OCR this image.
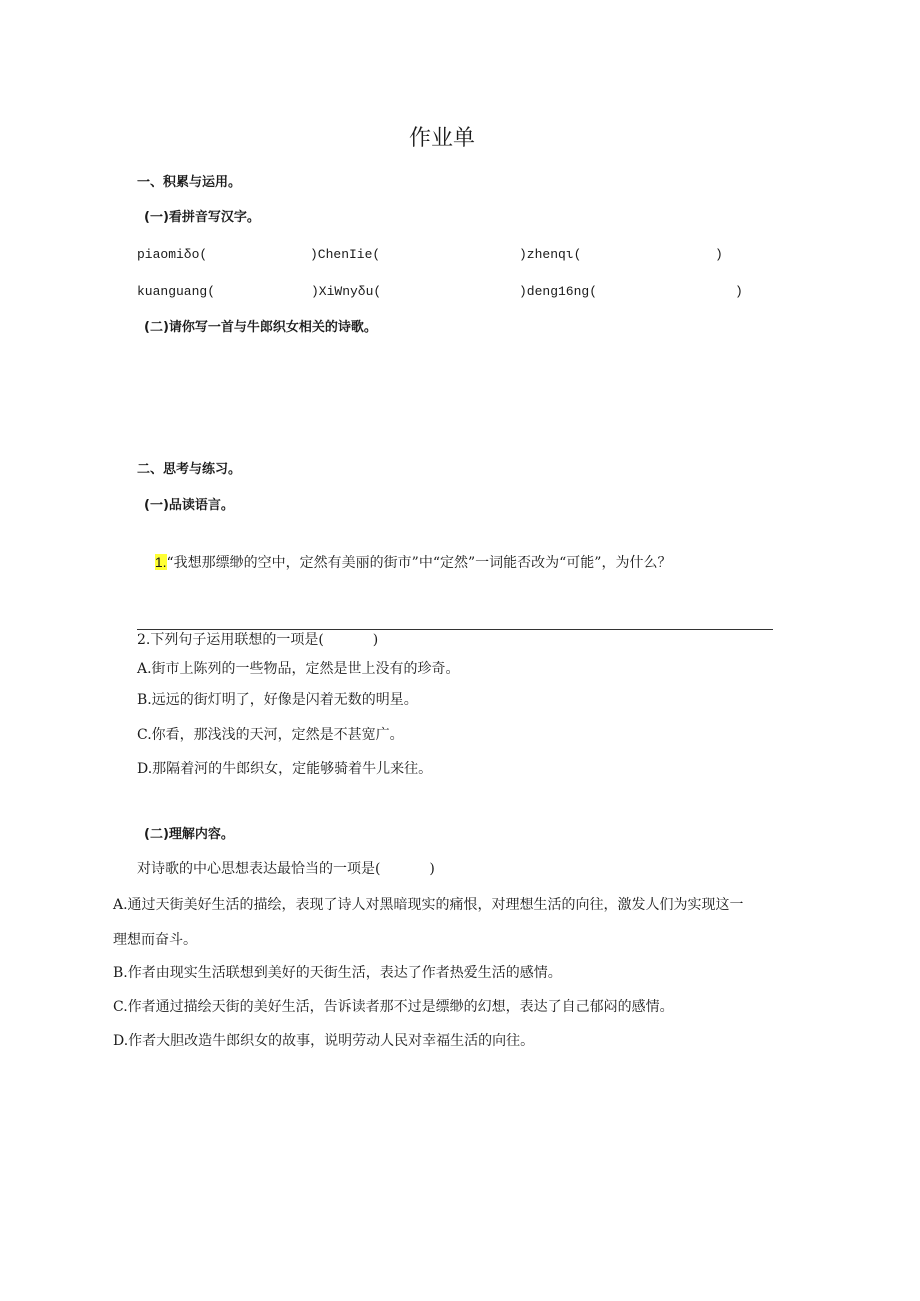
作业单
一、积累与运用。
(一)看拼音写汉字。
piaomiδo(	)ChenIie(	)zhenqι(	)
kuanguang(	)XiWnyδu(	)deng16ng(	)
(二)请你写一首与牛郎织女相关的诗歌。
二、思考与练习。
(一)品读语言。

1.“我想那缥缈的空中，定然有美丽的街市”中“定然”一词能否改为“可能”，为什么？

2.下列句子运用联想的一项是(           )
A.街市上陈列的一些物品，定然是世上没有的珍奇。
B.远远的街灯明了，好像是闪着无数的明星。
C.你看，那浅浅的天河，定然是不甚宽广。
D.那隔着河的牛郎织女，定能够骑着牛儿来往。
(二)理解内容。
对诗歌的中心思想表达最恰当的一项是(           )
A.通过天街美好生活的描绘，表现了诗人对黑暗现实的痛恨，对理想生活的向往，激发人们为实现这一
理想而奋斗。
B.作者由现实生活联想到美好的天街生活，表达了作者热爱生活的感情。
C.作者通过描绘天街的美好生活，告诉读者那不过是缥缈的幻想，表达了自己郁闷的感情。
D.作者大胆改造牛郎织女的故事，说明劳动人民对幸福生活的向往。
